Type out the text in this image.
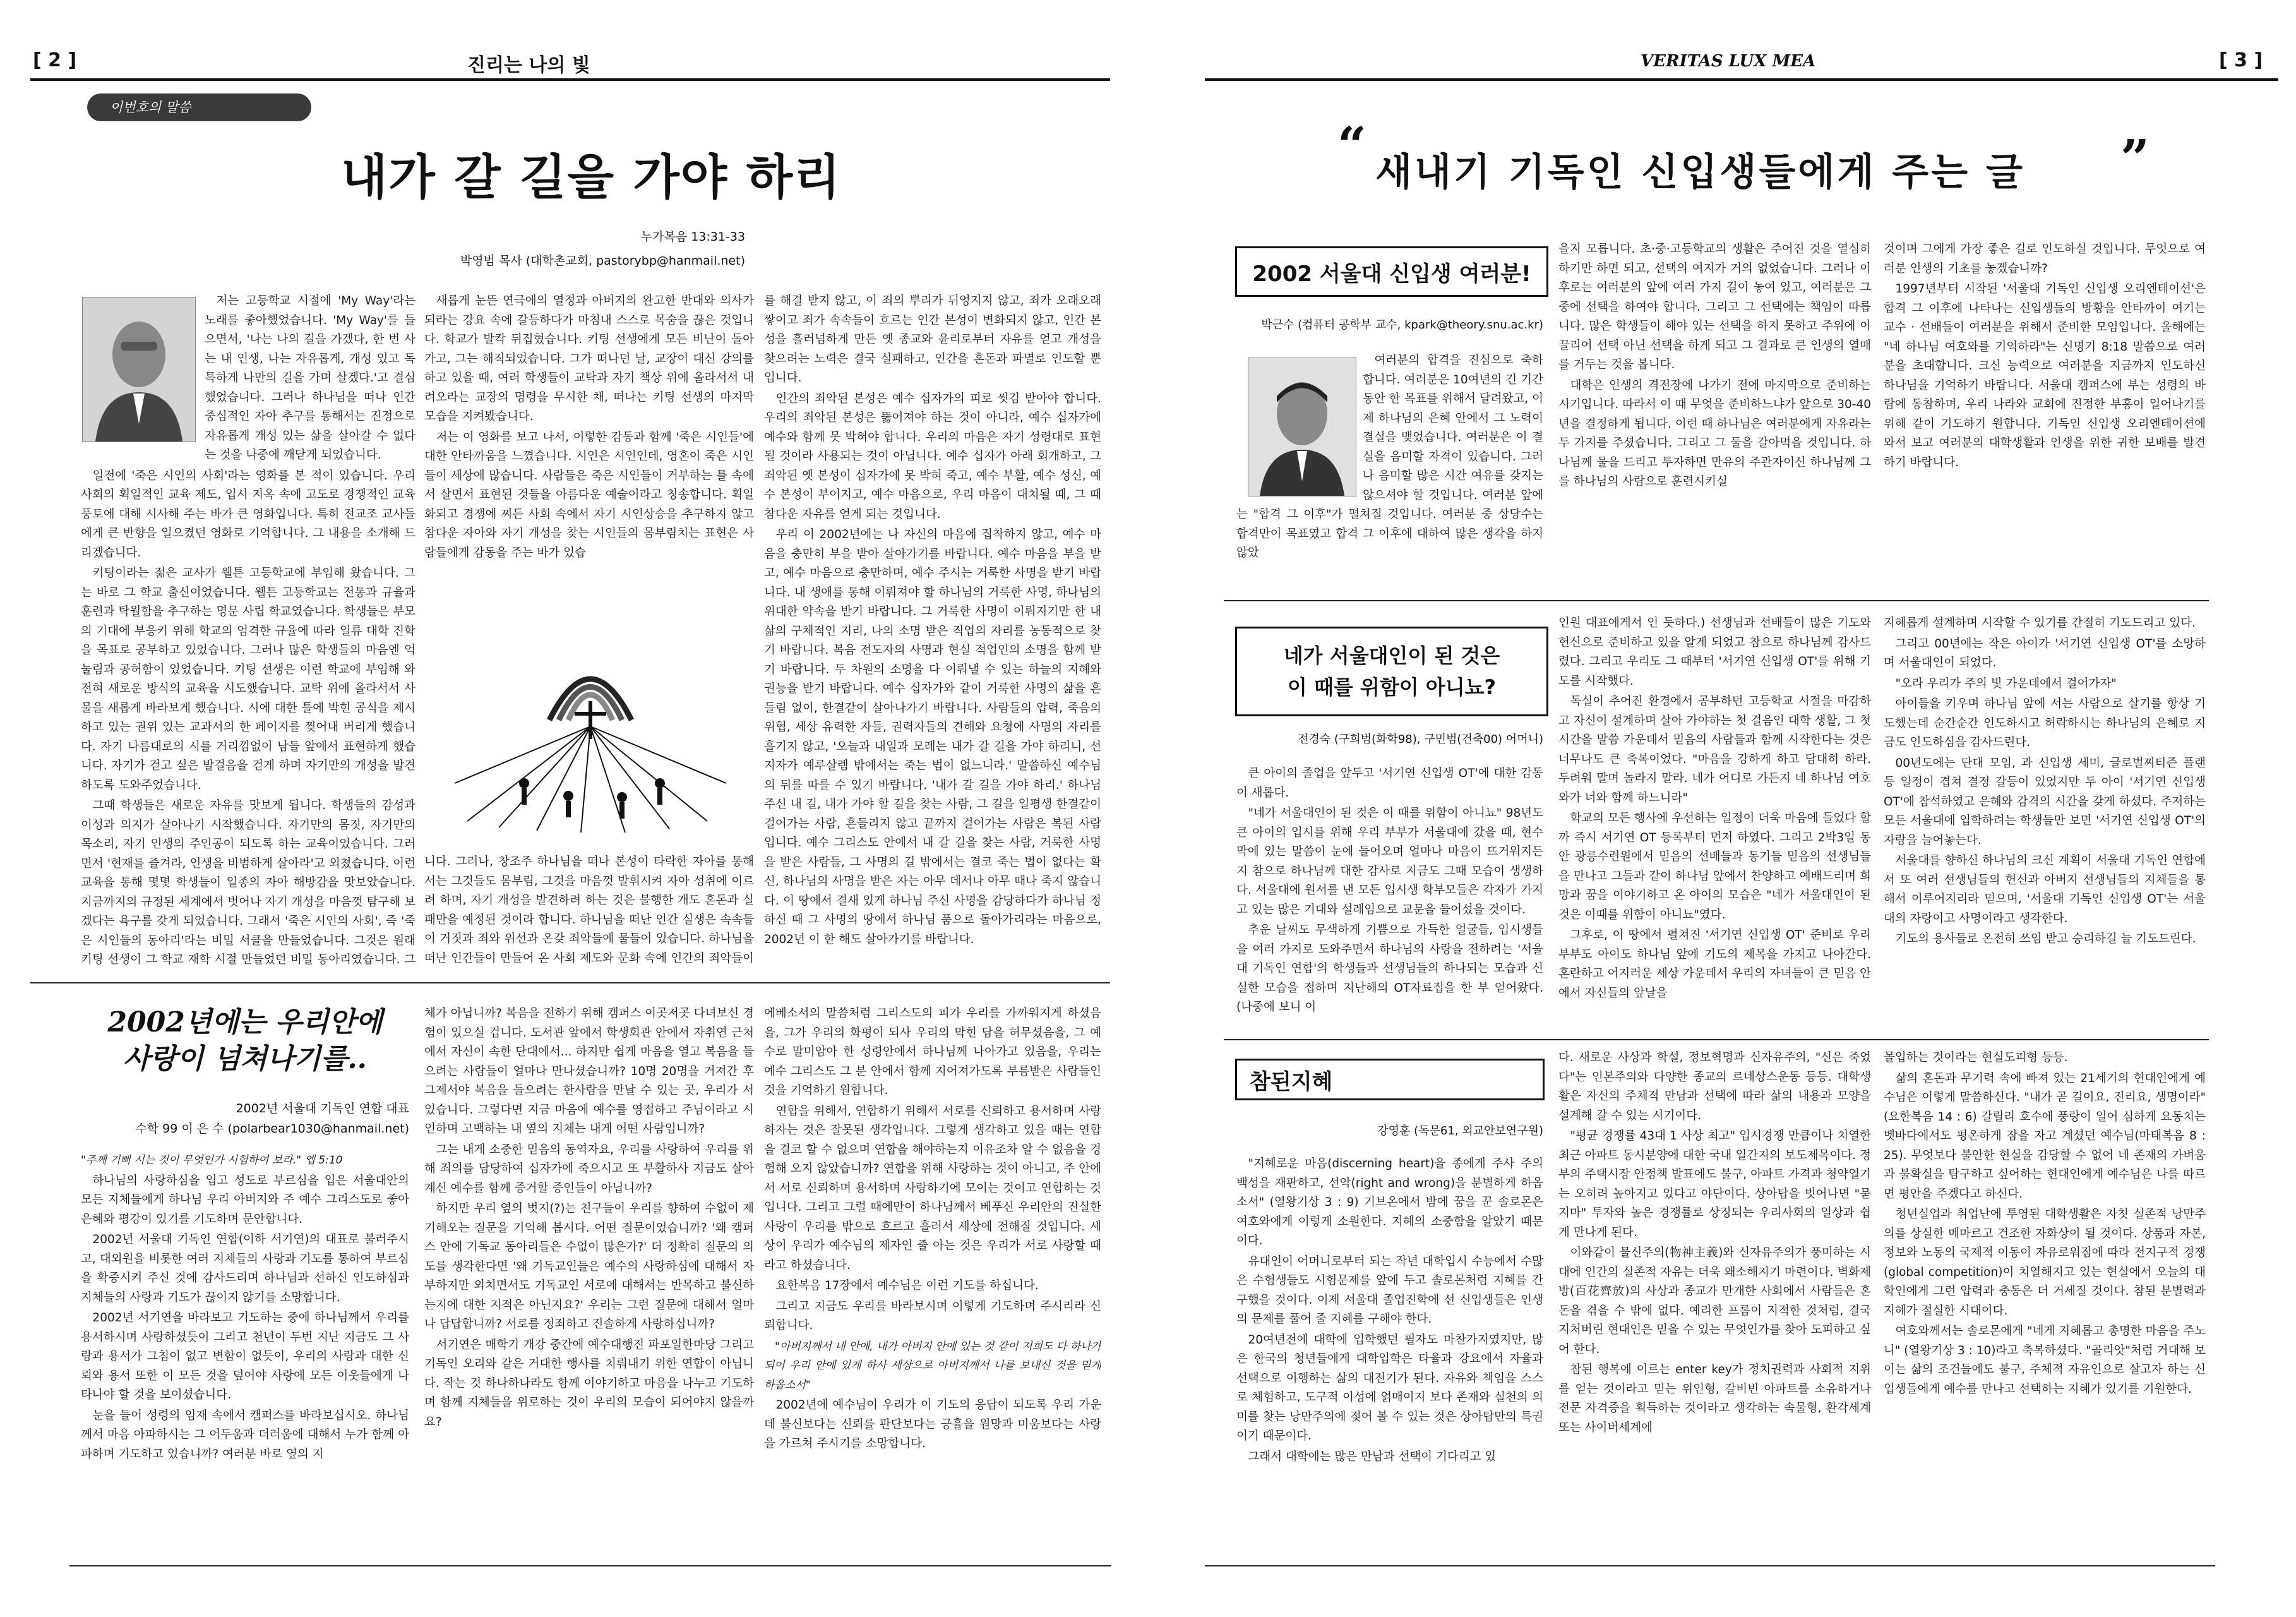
[ 2 ]	진리는 나의 빛
이번호의 말씀
내가 갈 길을 가야 하리
누가복음 13:31-33
박영범 목사 (대학촌교회, pastorybp@hanmail.net)

저는 고등학교 시절에 'My Way'라는 노래를 좋아했었습니다. 'My Way'를 들으면서, '나는 나의 길을 가겠다, 한 번 사는 내 인생, 나는 자유롭게, 개성 있고 독특하게 나만의 길을 가며 살겠다.'고 결심했었습니다. 그러나 하나님을 떠나 인간 중심적인 자아 추구를 통해서는 진정으로 자유롭게 개성 있는 삶을 살아갈 수 없다는 것을 나중에 깨닫게 되었습니다.

일전에 '죽은 시인의 사회'라는 영화를 본 적이 있습니다. 우리 사회의 획일적인 교육 제도, 입시 지옥 속에 고도로 경쟁적인 교육 풍토에 대해 시사해 주는 바가 큰 영화입니다. 특히 전교조 교사들에게 큰 반향을 일으켰던 영화로 기억합니다. 그 내용을 소개해 드리겠습니다.

키팅이라는 젊은 교사가 웰튼 고등학교에 부임해 왔습니다. 그는 바로 그 학교 출신이었습니다. 웰튼 고등학교는 전통과 규율과 훈련과 탁월함을 추구하는 명문 사립 학교였습니다. 학생들은 부모의 기대에 부응키 위해 학교의 엄격한 규율에 따라 일류 대학 진학을 목표로 공부하고 있었습니다. 그러나 많은 학생들의 마음엔 억눌림과 공허함이 있었습니다. 키팅 선생은 이런 학교에 부임해 와 전혀 새로운 방식의 교육을 시도했습니다. 교탁 위에 올라서서 사물을 새롭게 바라보게 했습니다. 시에 대한 틀에 박힌 공식을 제시하고 있는 권위 있는 교과서의 한 페이지를 찢어내 버리게 했습니다. 자기 나름대로의 시를 거리낌없이 남들 앞에서 표현하게 했습니다. 자기가 걷고 싶은 발걸음을 걷게 하며 자기만의 개성을 발견하도록 도와주었습니다.

그때 학생들은 새로운 자유를 맛보게 됩니다. 학생들의 감성과 이성과 의지가 살아나기 시작했습니다. 자기만의 몸짓, 자기만의 목소리, 자기 인생의 주인공이 되도록 하는 교육이었습니다. 그러면서 '현재를 즐겨라, 인생을 비범하게 살아라'고 외쳤습니다. 이런 교육을 통해 몇몇 학생들이 일종의 자아 해방감을 맛보았습니다. 지금까지의 규정된 세계에서 벗어나 자기 개성을 마음껏 탐구해 보겠다는 욕구를 갖게 되었습니다. 그래서 '죽은 시인의 사회', 즉 '죽은 시인들의 동아리'라는 비밀 서클을 만들었습니다. 그것은 원래 키팅 선생이 그 학교 재학 시절 만들었던 비밀 동아리였습니다. 그

새롭게 눈뜬 연극에의 열정과 아버지의 완고한 반대와 의사가 되라는 강요 속에 갈등하다가 마침내 스스로 목숨을 끊은 것입니다. 학교가 발칵 뒤집혔습니다. 키팅 선생에게 모든 비난이 돌아가고, 그는 해직되었습니다. 그가 떠나던 날, 교장이 대신 강의를 하고 있을 때, 여러 학생들이 교탁과 자기 책상 위에 올라서서 내려오라는 교장의 명령을 무시한 채, 떠나는 키팅 선생의 마지막 모습을 지켜봤습니다.

저는 이 영화를 보고 나서, 이렇한 감동과 함께 '죽은 시인들'에 대한 안타까움을 느꼈습니다. 시인은 시인인데, 영혼이 죽은 시인들이 세상에 많습니다. 사람들은 죽은 시인들이 거부하는 틀 속에서 살면서 표현된 것들을 아름다운 예술이라고 칭송합니다. 획일화되고 경쟁에 찌든 사회 속에서 자기 시인상승을 추구하지 않고 참다운 자아와 자기 개성을 찾는 시인들의 몸부림치는 표현은 사람들에게 감동을 주는 바가 있습

니다. 그러나, 창조주 하나님을 떠나 본성이 타락한 자아를 통해서는 그것들도 몸부림, 그것을 마음껏 발휘시켜 자아 성취에 이르려 하며, 자기 개성을 발견하려 하는 것은 불행한 개도 혼돈과 실패만을 예정된 것이라 합니다. 하나님을 떠난 인간 실생은 속속들이 거짓과 죄와 위선과 온갖 죄악들에 물들어 있습니다. 하나님을 떠난 인간들이 만들어 온 사회 제도와 문화 속에 인간의 죄악들이

를 해결 받지 않고, 이 죄의 뿌리가 뒤엉지지 않고, 죄가 오래오래 쌓이고 죄가 속속들이 흐르는 인간 본성이 변화되지 않고, 인간 본성을 흘러넘하게 만든 옛 종교와 윤리로부터 자유를 얻고 개성을 찾으려는 노력은 결국 실패하고, 인간을 혼돈과 파멸로 인도할 뿐입니다.

인간의 죄악된 본성은 예수 십자가의 피로 씻김 받아야 합니다. 우리의 죄악된 본성은 뚫어져야 하는 것이 아니라, 예수 십자가에 예수와 함께 못 박혀야 합니다. 우리의 마음은 자기 성령대로 표현될 것이라 사용되는 것이 아닙니다. 예수 십자가 아래 회개하고, 그 죄악된 옛 본성이 십자가에 못 박혀 죽고, 예수 부활, 예수 성신, 예수 본성이 부어지고, 예수 마음으로, 우리 마음이 대치될 때, 그 때 참다운 자유를 얻게 되는 것입니다.

우리 이 2002년에는 나 자신의 마음에 집착하지 않고, 예수 마음을 충만히 부을 받아 살아가기를 바랍니다. 예수 마음을 부을 받고, 예수 마음으로 충만하며, 예수 주시는 거룩한 사명을 받기 바랍니다. 내 생애를 통해 이뤄져야 할 하나님의 거룩한 사명, 하나님의 위대한 약속을 받기 바랍니다. 그 거룩한 사명이 이뤄지기만 한 내 삶의 구체적인 지리, 나의 소명 받은 직업의 자리를 농동적으로 찾기 바랍니다. 복음 전도자의 사명과 현실 적업인의 소명을 함께 받기 바랍니다. 두 차원의 소명을 다 이뤄낼 수 있는 하늘의 지혜와 권능을 받기 바랍니다. 예수 십자가와 같이 거룩한 사명의 삶을 흔들림 없이, 한결같이 살아나가기 바랍니다. 사람들의 압력, 죽음의 위협, 세상 유력한 자들, 권력자들의 견해와 요청에 사명의 자리를 흘기지 않고, '오늘과 내일과 모레는 내가 갈 길을 가야 하리니, 선지자가 예루살렘 밖에서는 죽는 법이 없느니라.' 말씀하신 예수님의 뒤를 따를 수 있기 바랍니다. '내가 갈 길을 가야 하리.' 하나님 주신 내 길, 내가 가야 할 길을 찾는 사람, 그 길을 일평생 한결같이 걸어가는 사람, 흔들리지 않고 끝까지 걸어가는 사람은 복된 사람입니다. 예수 그리스도 안에서 내 갈 길을 찾는 사람, 거룩한 사명을 받은 사람들, 그 사명의 길 밖에서는 결코 죽는 법이 없다는 확신, 하나님의 사명을 받은 자는 아무 데서나 아무 때나 죽지 않습니다. 이 땅에서 결새 있게 하나님 주신 사명을 감당하다가 하나님 정하신 때 그 사명의 땅에서 하나님 품으로 돌아가리라는 마음으로, 2002년 이 한 해도 살아가기를 바랍니다.

2002년에는 우리안에
사랑이 넘쳐나기를..
2002년 서울대 기독인 연합 대표
수학 99 이 은 수 (polarbear1030@hanmail.net)

"주께 기뻐 시는 것이 무엇인가 시험하여 보라." 엡 5:10

하나님의 사랑하심을 입고 성도로 부르심을 입은 서울대안의 모든 지체들에게 하나님 우리 아버지와 주 예수 그리스도로 좋아 은혜와 평강이 있기를 기도하며 문안합니다.

2002년 서울대 기독인 연합(이하 서기연)의 대표로 불러주시고, 대외원을 비롯한 여러 지체들의 사랑과 기도를 통하여 부르심을 확증시켜 주신 것에 감사드리며 하나님과 선하신 인도하심과 지체들의 사랑과 기도가 끊이지 않기를 소망합니다.

2002년 서기연을 바라보고 기도하는 중에 하나님께서 우리를 용서하시며 사랑하셨듯이 그리고 천년이 두번 지난 지금도 그 사랑과 용서가 그침이 없고 변함이 없듯이, 우리의 사랑과 대한 신뢰와 용서 또한 이 모든 것을 덮어야 사랑에 모든 이웃들에게 나타나야 할 것을 보이셨습니다.

눈을 들어 성령의 임재 속에서 캠퍼스를 바라보십시오. 하나님께서 마음 아파하시는 그 어두움과 더러움에 대해서 누가 함께 아파하며 기도하고 있습니까? 여러분 바로 옆의 지

체가 아닙니까? 복음을 전하기 위해 캠퍼스 이곳저곳 다녀보신 경험이 있으실 겁니다. 도서관 앞에서 학생회관 안에서 자취연 근처에서 자신이 속한 단대에서... 하지만 쉽게 마음을 열고 복음을 들으려는 사람들이 얼마나 만나셨습니까? 10명 20명을 거져간 후 그제서야 복음을 들으려는 한사람을 만날 수 있는 곳, 우리가 서 있습니다. 그렇다면 지금 마음에 예수를 영접하고 주님이라고 시인하며 고백하는 내 옆의 지체는 내게 어떤 사람입니까?

그는 내게 소중한 믿음의 동역자요, 우리를 사랑하여 우리를 위해 죄의를 담당하여 십자가에 죽으시고 또 부활하사 지금도 살아계신 예수를 함께 증거할 증인들이 아닙니까?

하지만 우리 옆의 벗지(?)는 친구들이 우리를 향하여 수없이 제기해오는 질문을 기억해 봅시다. 어떤 질문이었습니까? '왜 캠퍼스 안에 기독교 동아리들은 수없이 많은가?' 더 정확히 질문의 의도를 생각한다면 '왜 기독교인들은 예수의 사랑하심에 대해서 자부하지만 외치면서도 기독교인 서로에 대해서는 반목하고 불신하는지에 대한 지적은 아닌지요?' 우리는 그런 질문에 대해서 얼마나 답답합니까? 서로를 정죄하고 진솔하게 사랑하십니까?

서기연은 매학기 개강 중간에 예수대행진 파포일한마당 그리고 기독인 오리와 같은 거대한 행사를 치뤄내기 위한 연합이 아닙니다. 작는 것 하나하나라도 함께 이야기하고 마음을 나누고 기도하며 함께 지체들을 위로하는 것이 우리의 모습이 되어야지 않을까요?

에베소서의 말씀처럼 그리스도의 피가 우리를 가까워지게 하셨음을, 그가 우리의 화평이 되사 우리의 막힌 담을 허무셨음을, 그 예수로 말미암아 한 성령안에서 하나님께 나아가고 있음을, 우리는 예수 그리스도 그 분 안에서 함께 지어져가도록 부름받은 사람들인 것을 기억하기 원합니다.

연합을 위해서, 연합하기 위해서 서로를 신뢰하고 용서하며 사랑하자는 것은 잘못된 생각입니다. 그렇게 생각하고 있을 때는 연합을 결코 할 수 없으며 연합을 해야하는지 이유조차 알 수 없음을 경험해 오지 않았습니까? 연합을 위해 사랑하는 것이 아니고, 주 안에서 서로 신뢰하며 용서하며 사랑하기에 모이는 것이고 연합하는 것입니다. 그리고 그럴 때에만이 하나님께서 베푸신 우리안의 진실한 사랑이 우리를 밖으로 흐르고 흘러서 세상에 전해질 것입니다. 세상이 우리가 예수님의 제자인 줄 아는 것은 우리가 서로 사랑할 때라고 하셨습니다.

요한복음 17장에서 예수님은 이런 기도를 하십니다.

그리고 지금도 우리를 바라보시며 이렇게 기도하며 주시리라 신뢰합니다.

"아버지께서 내 안에, 내가 아버지 안에 있는 것 같이 저희도 다 하나가 되어 우리 안에 있게 하사 세상으로 아버지께서 나를 보내신 것을 믿게 하옵소서"

2002년에 예수님이 우리가 이 기도의 응답이 되도록 우리 가운데 불신보다는 신뢰를 판단보다는 긍휼을 원망과 미움보다는 사랑을 가르쳐 주시기를 소망합니다.

VERITAS LUX MEA	[ 3 ]
“ 새내기 기독인 신입생들에게 주는 글 ”
2002 서울대 신입생 여러분!
박근수 (컴퓨터 공학부 교수, kpark@theory.snu.ac.kr)

여러분의 합격을 진심으로 축하합니다. 여러분은 10여년의 긴 기간 동안 한 목표를 위해서 달려왔고, 이제 하나님의 은혜 안에서 그 노력이 결실을 맺었습니다. 여러분은 이 결실을 음미할 자격이 있습니다. 그러나 음미할 많은 시간 여유를 갖지는 않으셔야 할 것입니다. 여러분 앞에는 "합격 그 이후"가 펼쳐질 것입니다. 여러분 중 상당수는 합격만이 목표였고 합격 그 이후에 대하여 많은 생각을 하지 않았

을지 모릅니다. 초·중·고등학교의 생활은 주어진 것을 열심히 하기만 하면 되고, 선택의 여지가 거의 없었습니다. 그러나 이후로는 여러분의 앞에 여러 가지 길이 놓여 있고, 여러분은 그 중에 선택을 하여야 합니다. 그리고 그 선택에는 책임이 따릅니다. 많은 학생들이 해야 있는 선택을 하지 못하고 주위에 이끌리어 선택 아닌 선택을 하게 되고 그 결과로 큰 인생의 열매를 거두는 것을 봅니다.

대학은 인생의 격전장에 나가기 전에 마지막으로 준비하는 시기입니다. 따라서 이 때 무엇을 준비하느냐가 앞으로 30-40년을 결정하게 됩니다. 이런 때 하나님은 여러분에게 자유라는 두 가지를 주셨습니다. 그리고 그 둘을 갈아먹을 것입니다. 하나님께 물을 드리고 투자하면 만유의 주관자이신 하나님께 그를 하나님의 사람으로 훈련시키실

것이며 그에게 가장 좋은 길로 인도하실 것입니다. 무엇으로 여러분 인생의 기초를 놓겠습니까?

1997년부터 시작된 '서울대 기독인 신입생 오리엔테이션'은 합격 그 이후에 나타나는 신입생들의 방황을 안타까이 여기는 교수 · 선배들이 여러분을 위해서 준비한 모임입니다. 올해에는 "네 하나님 여호와를 기억하라"는 신명기 8:18 말씀으로 여러분을 초대합니다. 크신 능력으로 여러분을 지금까지 인도하신 하나님을 기억하기 바랍니다. 서울대 캠퍼스에 부는 성령의 바람에 동참하며, 우리 나라와 교회에 진정한 부흥이 일어나기를 위해 같이 기도하기 원합니다. 기독인 신입생 오리엔테이션에 와서 보고 여러분의 대학생활과 인생을 위한 귀한 보배를 발견하기 바랍니다.

네가 서울대인이 된 것은
이 때를 위함이 아니뇨?
전경숙 (구희범(화학98), 구민범(건축00) 어머니)

큰 아이의 졸업을 앞두고 '서기연 신입생 OT'에 대한 감동이 새롭다.

"네가 서울대인이 된 것은 이 때를 위함이 아니뇨" 98년도 큰 아이의 입시를 위해 우리 부부가 서울대에 갔을 때, 현수막에 있는 말씀이 눈에 들어오며 얼마나 마음이 뜨거워지든지 참으로 하나님께 대한 감사로 지금도 그때 모습이 생생하다. 서울대에 원서를 낸 모든 입시생 학부모들은 각자가 가지고 있는 많은 기대와 설레임으로 교문을 들어섰을 것이다.

추운 날씨도 무색하게 기쁨으로 가득한 얼굴들, 입시생들을 여러 가지로 도와주면서 하나님의 사랑을 전하려는 '서울대 기독인 연합'의 학생들과 선생님들의 하나되는 모습과 신실한 모습을 접하며 지난해의 OT자료집을 한 부 얻어왔다.(나중에 보니 이

인원 대표에게서 인 듯하다.) 선생님과 선배들이 많은 기도와 헌신으로 준비하고 있을 알게 되었고 참으로 하나님께 감사드렸다. 그리고 우리도 그 때부터 '서기연 신입생 OT'를 위해 기도를 시작했다.

독실이 추어진 환경에서 공부하던 고등학교 시절을 마감하고 자신이 설계하며 살아 가야하는 첫 걸음인 대학 생활, 그 첫 시간을 말씀 가운데서 믿음의 사람들과 함께 시작한다는 것은 너무나도 큰 축복이었다. "마음을 강하게 하고 담대히 하라. 두려워 말며 놀라지 말라. 네가 어디로 가든지 네 하나님 여호와가 너와 함께 하느니라"

학교의 모든 행사에 우선하는 일정이 더욱 마음에 들었다 할까 즉시 서기연 OT 등록부터 먼저 하였다. 그리고 2박3일 동안 광릉수련원에서 믿음의 선배들과 동기들 믿음의 선생님들을 만나고 그들과 같이 하나님 앞에서 찬양하고 예배드리며 희망과 꿈을 이야기하고 온 아이의 모습은 "네가 서울대인이 된 것은 이때를 위함이 아니뇨"였다.

그후로, 이 땅에서 펼쳐진 '서기연 신입생 OT' 준비로 우리 부부도 아이도 하나님 앞에 기도의 제목을 가지고 나아간다. 혼란하고 어지러운 세상 가운데서 우리의 자녀들이 큰 믿음 안에서 자신들의 앞날을

지혜롭게 설계하며 시작할 수 있기를 간절히 기도드리고 있다.

그리고 00년에는 작은 아이가 '서기연 신입생 OT'를 소망하며 서울대인이 되었다.

"오라 우리가 주의 빛 가운데에서 걸어가자"

아이들을 키우며 하나님 앞에 서는 사람으로 살기를 항상 기도했는데 순간순간 인도하시고 허락하시는 하나님의 은혜로 지금도 인도하심을 감사드린다.

00년도에는 단대 모임, 과 신입생 세미, 글로벌찌티즌 플랜 등 일정이 겹쳐 결정 갈등이 있었지만 두 아이 '서기연 신입생 OT'에 참석하였고 은혜와 감격의 시간을 갖게 하셨다. 주저하는 모든 서울대에 입학하려는 학생들만 보면 '서기연 신입생 OT'의 자랑을 늘어놓는다.

서울대를 향하신 하나님의 크신 계획이 서울대 기독인 연합에서 또 여러 선생님들의 헌신과 아버지 선생님들의 지체들을 통해서 이루어지리라 믿으며, '서울대 기독인 신입생 OT'는 서울대의 자랑이고 사명이라고 생각한다.

기도의 용사들로 온전히 쓰임 받고 승리하길 늘 기도드린다.

참된지혜
강영훈 (독문61, 외교안보연구원)

"지혜로운 마음(discerning heart)을 종에게 주사 주의 백성을 재판하고, 선악(right and wrong)을 분별하게 하옵소서" (열왕기상 3 : 9) 기브온에서 밤에 꿈을 꾼 솔로몬은 여호와에게 이렇게 소원한다. 지혜의 소중함을 알았기 때문이다.

유대인이 어머니로부터 되는 작년 대학입시 수능에서 수많은 수험생들도 시험문제를 앞에 두고 솔로몬처럼 지혜를 간구했을 것이다. 이제 서울대 졸업진학에 선 신입생들은 인생의 문제를 풀어 줄 지혜를 구해야 한다.

20여년전에 대학에 입학했던 필자도 마찬가지였지만, 많은 한국의 청년들에게 대학입학은 타율과 강요에서 자율과 선택으로 이행하는 삶의 대전기가 된다. 자유와 책임을 스스로 체험하고, 도구적 이성에 얽매이지 보다 존재와 실천의 의미를 찾는 낭만주의에 젖어 볼 수 있는 것은 상아탑만의 특권이기 때문이다.

그래서 대학에는 많은 만남과 선택이 기다리고 있

다. 새로운 사상과 학설, 정보혁명과 신자유주의, "신은 죽었다"는 인본주의와 다양한 종교의 르네상스운동 등등. 대학생활은 자신의 주체적 만남과 선택에 따라 삶의 내용과 모양을 설계해 갈 수 있는 시기이다.

"평균 경쟁률 43대 1 사상 최고" 입시경쟁 만큼이나 치열한 최근 아파트 동시분양에 대한 국내 일간지의 보도제목이다. 정부의 주택시장 안정책 발표에도 불구, 아파트 가격과 청약열기는 오히려 높아지고 있다고 야단이다. 상아탑을 벗어나면 "묻지마" 투자와 높은 경쟁률로 상징되는 우리사회의 일상과 쉽게 만나게 된다.

이와같이 물신주의(物神主義)와 신자유주의가 풍미하는 시대에 인간의 실존적 자유는 더욱 왜소해지기 마련이다. 벽화제방(百花齊放)의 사상과 종교가 만개한 사회에서 사람들은 혼돈을 겪을 수 밖에 없다. 예리한 프롬이 지적한 것처럼, 결국 지처버린 현대인은 믿을 수 있는 무엇인가를 찾아 도피하고 싶어 한다.

참된 행복에 이르는 enter key가 정치권력과 사회적 지위를 얻는 것이라고 믿는 위인형, 갈비빈 아파트를 소유하거나 전문 자격증을 획득하는 것이라고 생각하는 속물형, 환각세계 또는 사이버세계에

몰입하는 것이라는 현실도피형 등등.

삶의 혼돈과 무기력 속에 빠져 있는 21세기의 현대인에게 예수님은 이렇게 말씀하신다. "내가 곧 길이요, 진리요, 생명이라" (요한복음 14 : 6) 갈릴리 호수에 풍랑이 일어 심하게 요동치는 벳바다에서도 평온하게 잠을 자고 계셨던 예수님(마태복음 8 : 25). 무엇보다 불안한 현실을 감당할 수 없어 네 존재의 가벼움과 불확실을 탐구하고 싶어하는 현대인에게 예수님은 나를 따르면 평안을 주겠다고 하신다.

청년실업과 취업난에 투영된 대학생활은 자칫 실존적 낭만주의를 상실한 메마르고 건조한 자화상이 될 것이다. 상품과 자본, 정보와 노동의 국제적 이동이 자유로워짐에 따라 전지구적 경쟁(global competition)이 치열해지고 있는 현실에서 오늘의 대학인에게 그런 압력과 충동은 더 거세질 것이다. 참된 분별력과 지혜가 절실한 시대이다.

여호와께서는 솔로몬에게 "네게 지혜롭고 총명한 마음을 주노니" (열왕기상 3 : 10)라고 축복하셨다. "골리앗"처럼 거대해 보이는 삶의 조건들에도 불구, 주체적 자유인으로 살고자 하는 신입생들에게 예수를 만나고 선택하는 지혜가 있기를 기원한다.
